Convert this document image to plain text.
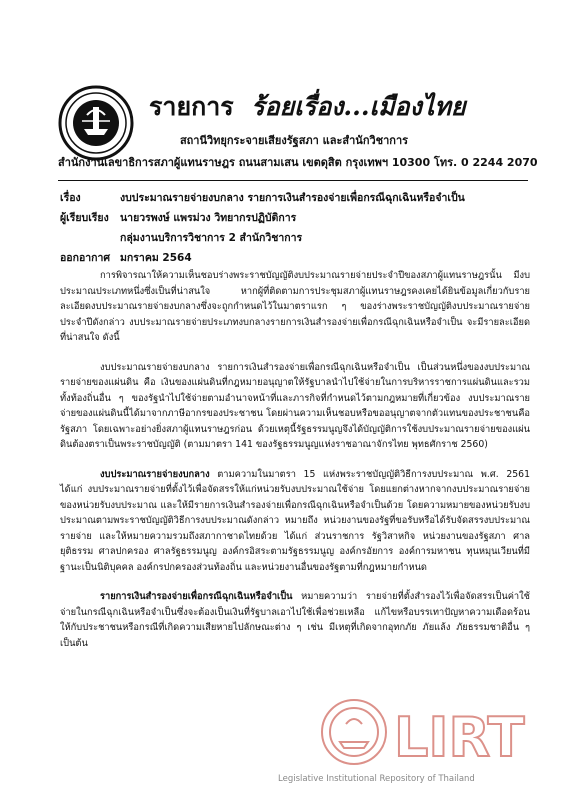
รายการ ร้อยเรื่อง...เมืองไทย
สถานีวิทยุกระจายเสียงรัฐสภา และสำนักวิชาการ
สำนักงานเลขาธิการสภาผู้แทนราษฎร ถนนสามเสน เขตดุสิต กรุงเทพฯ 10300 โทร. 0 2244 2070
เรื่อง	งบประมาณรายจ่ายงบกลาง รายการเงินสำรองจ่ายเพื่อกรณีฉุกเฉินหรือจำเป็น
ผู้เรียบเรียง	นายวรพงษ์ แพรม่วง วิทยากรปฏิบัติการ
กลุ่มงานบริการวิชาการ 2 สำนักวิชาการ
ออกอากาศ มกราคม 2564

การพิจารณาให้ความเห็นชอบร่างพระราชบัญญัติงบประมาณรายจ่ายประจำปีของสภาผู้แทนราษฎรนั้น มีงบประมาณประเภทหนึ่งซึ่งเป็นที่น่าสนใจ หากผู้ที่ติดตามการประชุมสภาผู้แทนราษฎรคงเคยได้ยินข้อมูลเกี่ยวกับรายละเอียดงบประมาณรายจ่ายงบกลางซึ่งจะถูกกำหนดไว้ในมาตราแรก ๆ ของร่างพระราชบัญญัติงบประมาณรายจ่ายประจำปีดังกล่าว งบประมาณรายจ่ายประเภทงบกลางรายการเงินสำรองจ่ายเพื่อกรณีฉุกเฉินหรือจำเป็น จะมีรายละเอียดที่น่าสนใจ ดังนี้

งบประมาณรายจ่ายงบกลาง รายการเงินสำรองจ่ายเพื่อกรณีฉุกเฉินหรือจำเป็น เป็นส่วนหนึ่งของงบประมาณรายจ่ายของแผ่นดิน คือ เงินของแผ่นดินที่กฎหมายอนุญาตให้รัฐบาลนำไปใช้จ่ายในการบริหารราชการแผ่นดินและรวมทั้งท้องถิ่นอื่น ๆ ของรัฐนำไปใช้จ่ายตามอำนาจหน้าที่และภารกิจที่กำหนดไว้ตามกฎหมายที่เกี่ยวข้อง งบประมาณรายจ่ายของแผ่นดินนี้ได้มาจากภาษีอากรของประชาชน โดยผ่านความเห็นชอบหรือขออนุญาตจากตัวแทนของประชาชนคือรัฐสภา โดยเฉพาะอย่างยิ่งสภาผู้แทนราษฎรก่อน ด้วยเหตุนี้รัฐธรรมนูญจึงได้บัญญัติการใช้งบประมาณรายจ่ายของแผ่นดินต้องตราเป็นพระราชบัญญัติ (ตามมาตรา 141 ของรัฐธรรมนูญแห่งราชอาณาจักรไทย พุทธศักราช 2560)

งบประมาณรายจ่ายงบกลาง ตามความในมาตรา 15 แห่งพระราชบัญญัติวิธีการงบประมาณ พ.ศ. 2561 ได้แก่ งบประมาณรายจ่ายที่ตั้งไว้เพื่อจัดสรรให้แก่หน่วยรับงบประมาณใช้จ่าย โดยแยกต่างหากจากงบประมาณรายจ่ายของหน่วยรับงบประมาณ และให้มีรายการเงินสำรองจ่ายเพื่อกรณีฉุกเฉินหรือจำเป็นด้วย โดยความหมายของหน่วยรับงบประมาณตามพระราชบัญญัติวิธีการงบประมาณดังกล่าว หมายถึง หน่วยงานของรัฐที่ขอรับหรือได้รับจัดสรรงบประมาณรายจ่าย และให้หมายความรวมถึงสภากาชาดไทยด้วย ได้แก่ ส่วนราชการ รัฐวิสาหกิจ หน่วยงานของรัฐสภา ศาลยุติธรรม ศาลปกครอง ศาลรัฐธรรมนูญ องค์กรอิสระตามรัฐธรรมนูญ องค์กรอัยการ องค์การมหาชน ทุนหมุนเวียนที่มีฐานะเป็นนิติบุคคล องค์กรปกครองส่วนท้องถิ่น และหน่วยงานอื่นของรัฐตามที่กฎหมายกำหนด

รายการเงินสำรองจ่ายเพื่อกรณีฉุกเฉินหรือจำเป็น หมายความว่า รายจ่ายที่ตั้งสำรองไว้เพื่อจัดสรรเป็นค่าใช้จ่ายในกรณีฉุกเฉินหรือจำเป็นซึ่งจะต้องเป็นเงินที่รัฐบาลเอาไปใช้เพื่อช่วยเหลือ แก้ไขหรือบรรเทาปัญหาความเดือดร้อนให้กับประชาชนหรือกรณีที่เกิดความเสียหายไปลักษณะต่าง ๆ เช่น มีเหตุที่เกิดจากอุทกภัย ภัยแล้ง ภัยธรรมชาติอื่น ๆ เป็นต้น

LIRT
Legislative Institutional Repository of Thailand
